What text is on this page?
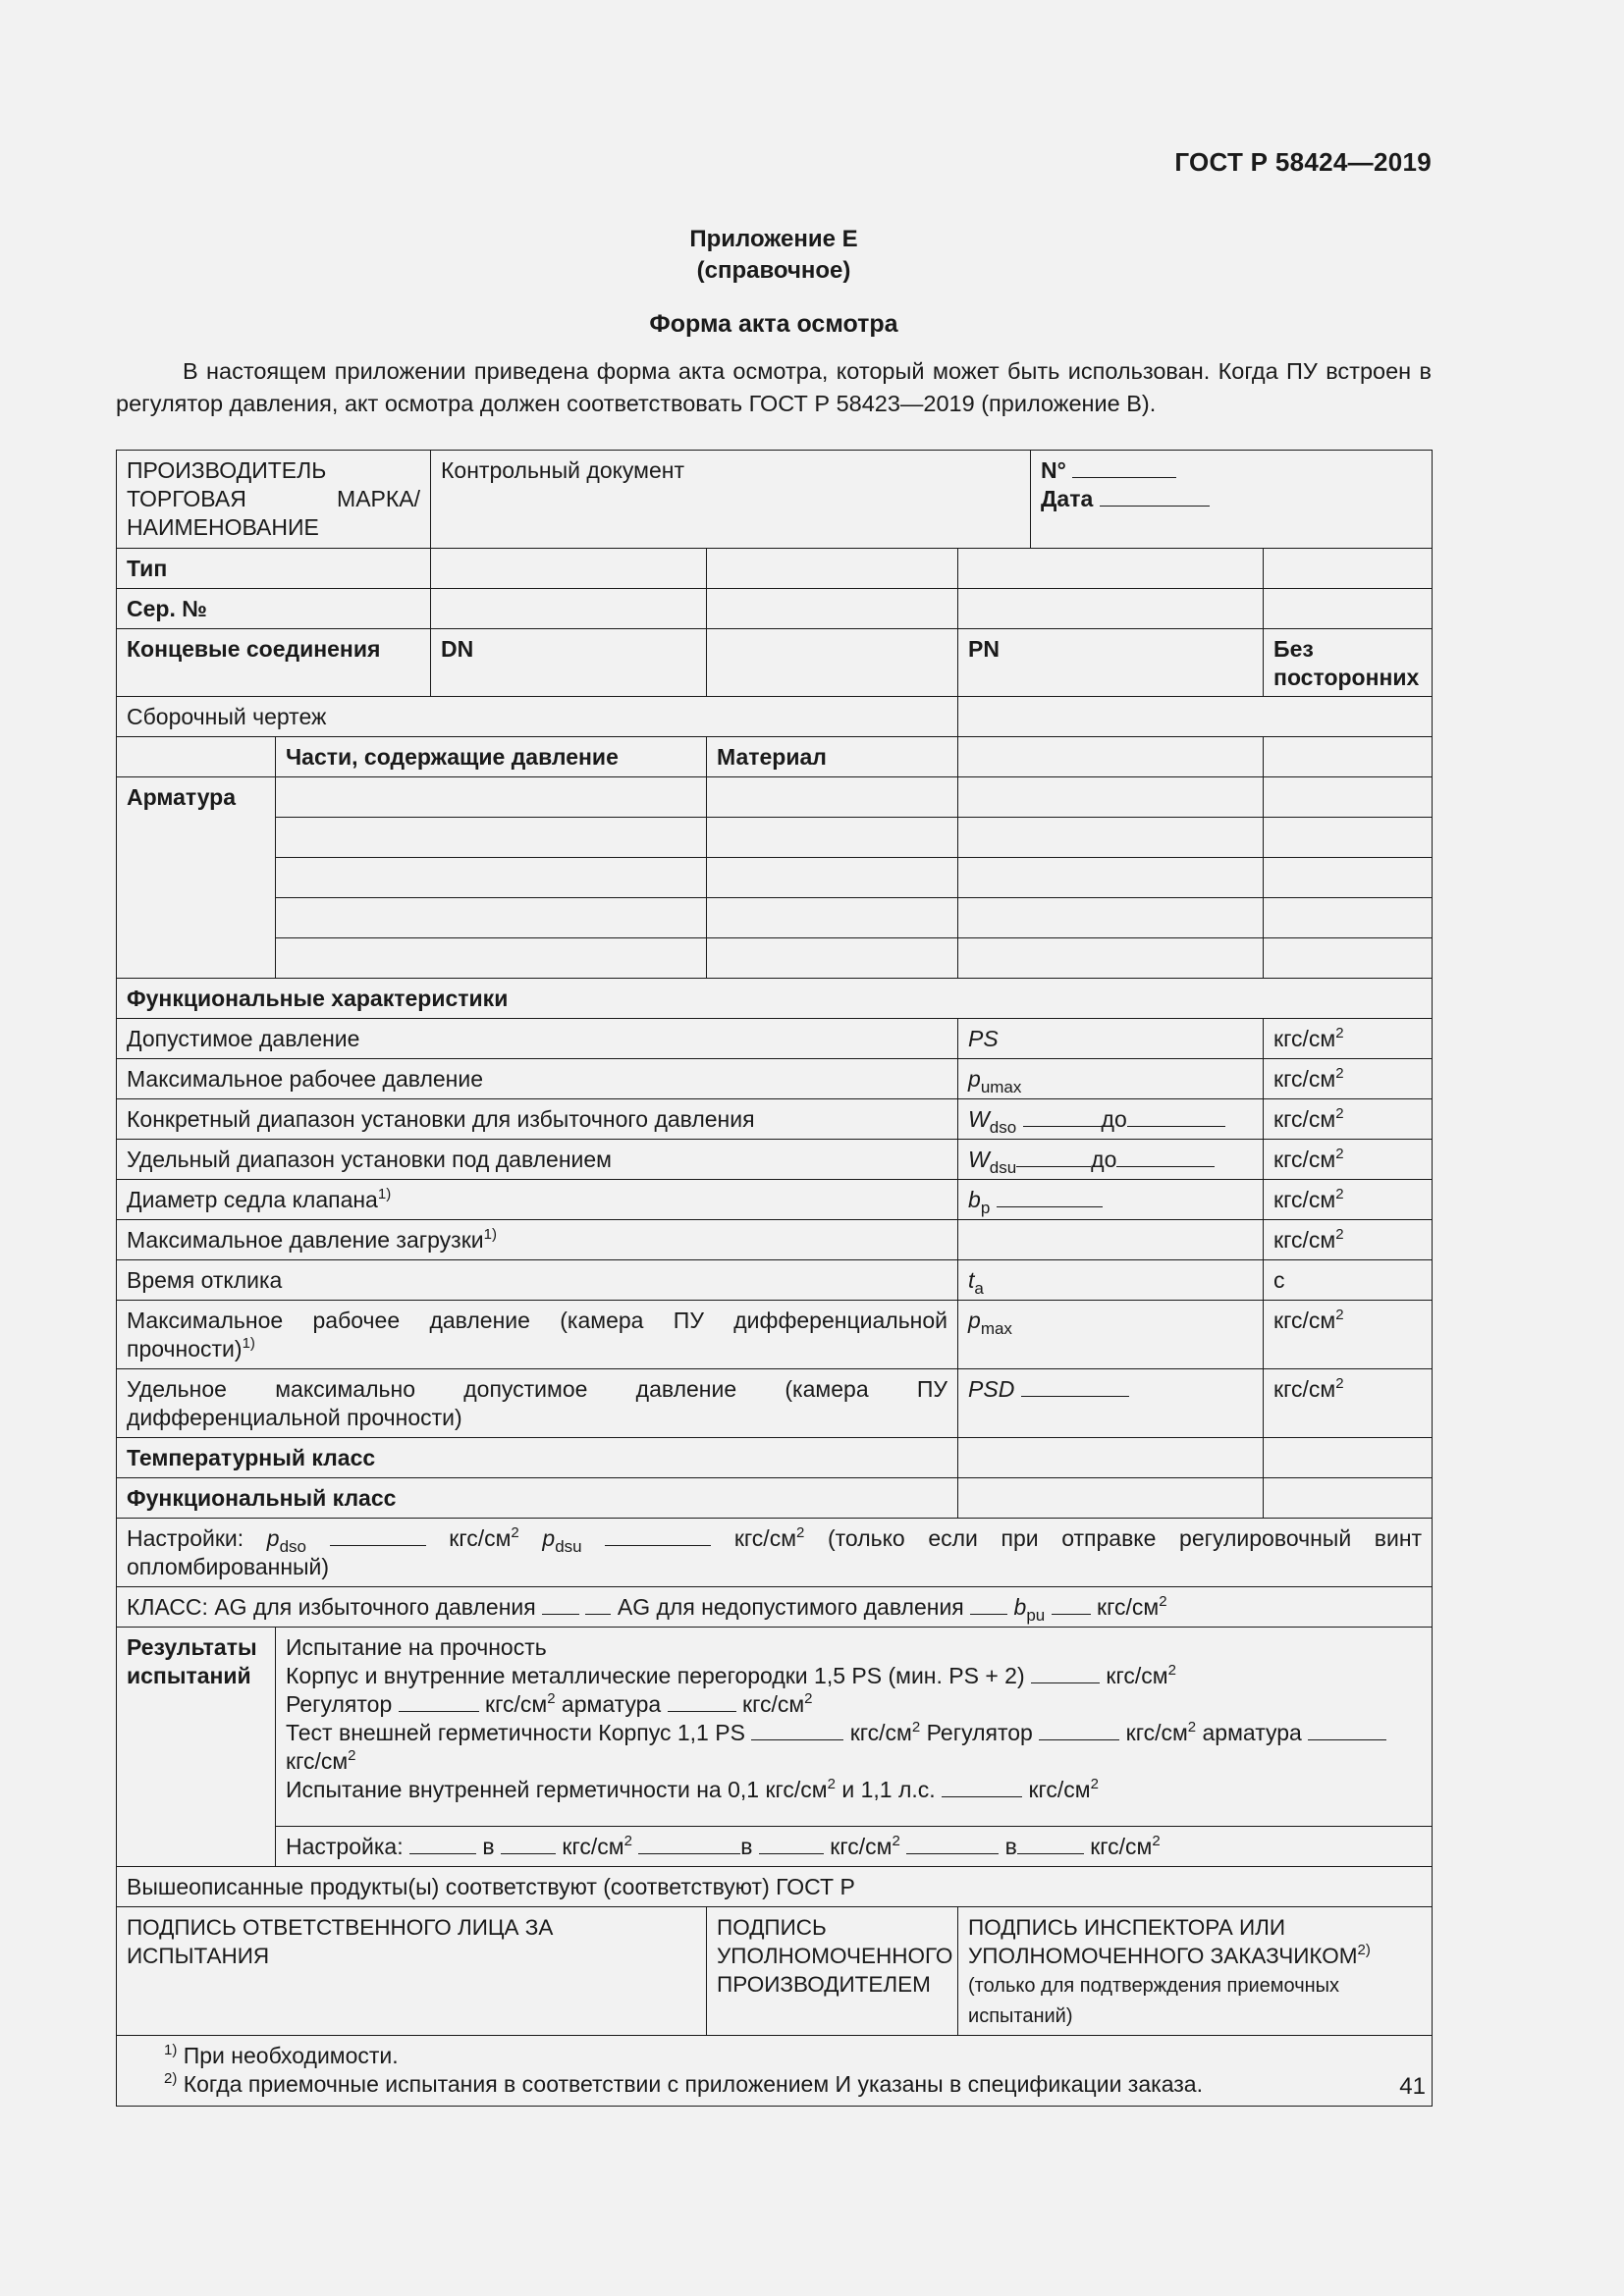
ГОСТ Р 58424—2019
Приложение Е
(справочное)
Форма акта осмотра

В настоящем приложении приведена форма акта осмотра, который может быть использован. Когда ПУ встроен в регулятор давления, акт осмотра должен соответствовать ГОСТ Р 58423—2019 (приложение В).

ПРОИЗВОДИТЕЛЬ ТОРГОВАЯ МАРКА/НАИМЕНОВАНИЕ		Контрольный документ			N°
Дата	

Тип						
Сер. №						
Концевые соединения		DN		PN		Без посторонних
Сборочный чертеж						
	Части, содержащие давление		Материал			
Арматура						

Функциональные характеристики						
Допустимое давление				PS		кгс/$см^2$
Максимальное рабочее давление				$p_{umax}$		кгс/$см^2$
Конкретный диапазон установки для избыточного давления				$W_{dso}$ до		кгс/$см^2$
Удельный диапазон установки под давлением				$W_{dsu}$ до		кгс/$см^2$
Диаметр седла клапана$^{1)}$				$b_p$		кгс/$см^2$
Максимальное давление загрузки$^{1)}$						кгс/$см^2$
Время отклика				$t_a$		с
Максимальное рабочее давление (камера ПУ дифференциальной прочности)$^{1)}$				$p_{max}$		кгс/$см^2$
Удельное максимально допустимое давление (камера ПУ дифференциальной прочности)				PSD		кгс/$см^2$
Температурный класс						
Функциональный класс						
Настройки: $p_{dso}$ кгс/$см^2$ $p_{dsu}$ кгс/$см^2$ (только если при отправке регулировочный винт опломбированный)						
КЛАСС: AG для избыточного давления AG для недопустимого давления $b_{pu}$ кгс/$см^2$
Результаты испытаний	Испытание на прочность
Корпус и внутренние металлические перегородки 1,5 PS (мин. PS + 2) кгс/$см^2$
Регулятор кгс/$см^2$ арматура кгс/$см^2$
Тест внешней герметичности Корпус 1,1 PS кгс/$см^2$ Регулятор кгс/$см^2$ арматура  кгс/$см^2$
Испытание внутренней герметичности на 0,1 кгс/$см^2$ и 1,1 л.с. кгс/$см^2$

	Настройка: в кгс/$см^2$ в кгс/$см^2$ в кгс/$см^2$
Вышеописанные продукты(ы) соответствуют (соответствуют) ГОСТ Р						
ПОДПИСЬ ОТВЕТСТВЕННОГО ЛИЦА ЗА ИСПЫТАНИЯ			ПОДПИСЬ УПОЛНОМОЧЕННОГО ПРОИЗВОДИТЕЛЕМ	ПОДПИСЬ ИНСПЕКТОРА ИЛИ УПОЛНОМОЧЕННОГО ЗАКАЗЧИКОМ$^{2)}$ (только для подтверждения приемочных испытаний)		

$^{1)}$ При необходимости.
$^{2)}$ Когда приемочные испытания в соответствии с приложением И указаны в спецификации заказа.							41
